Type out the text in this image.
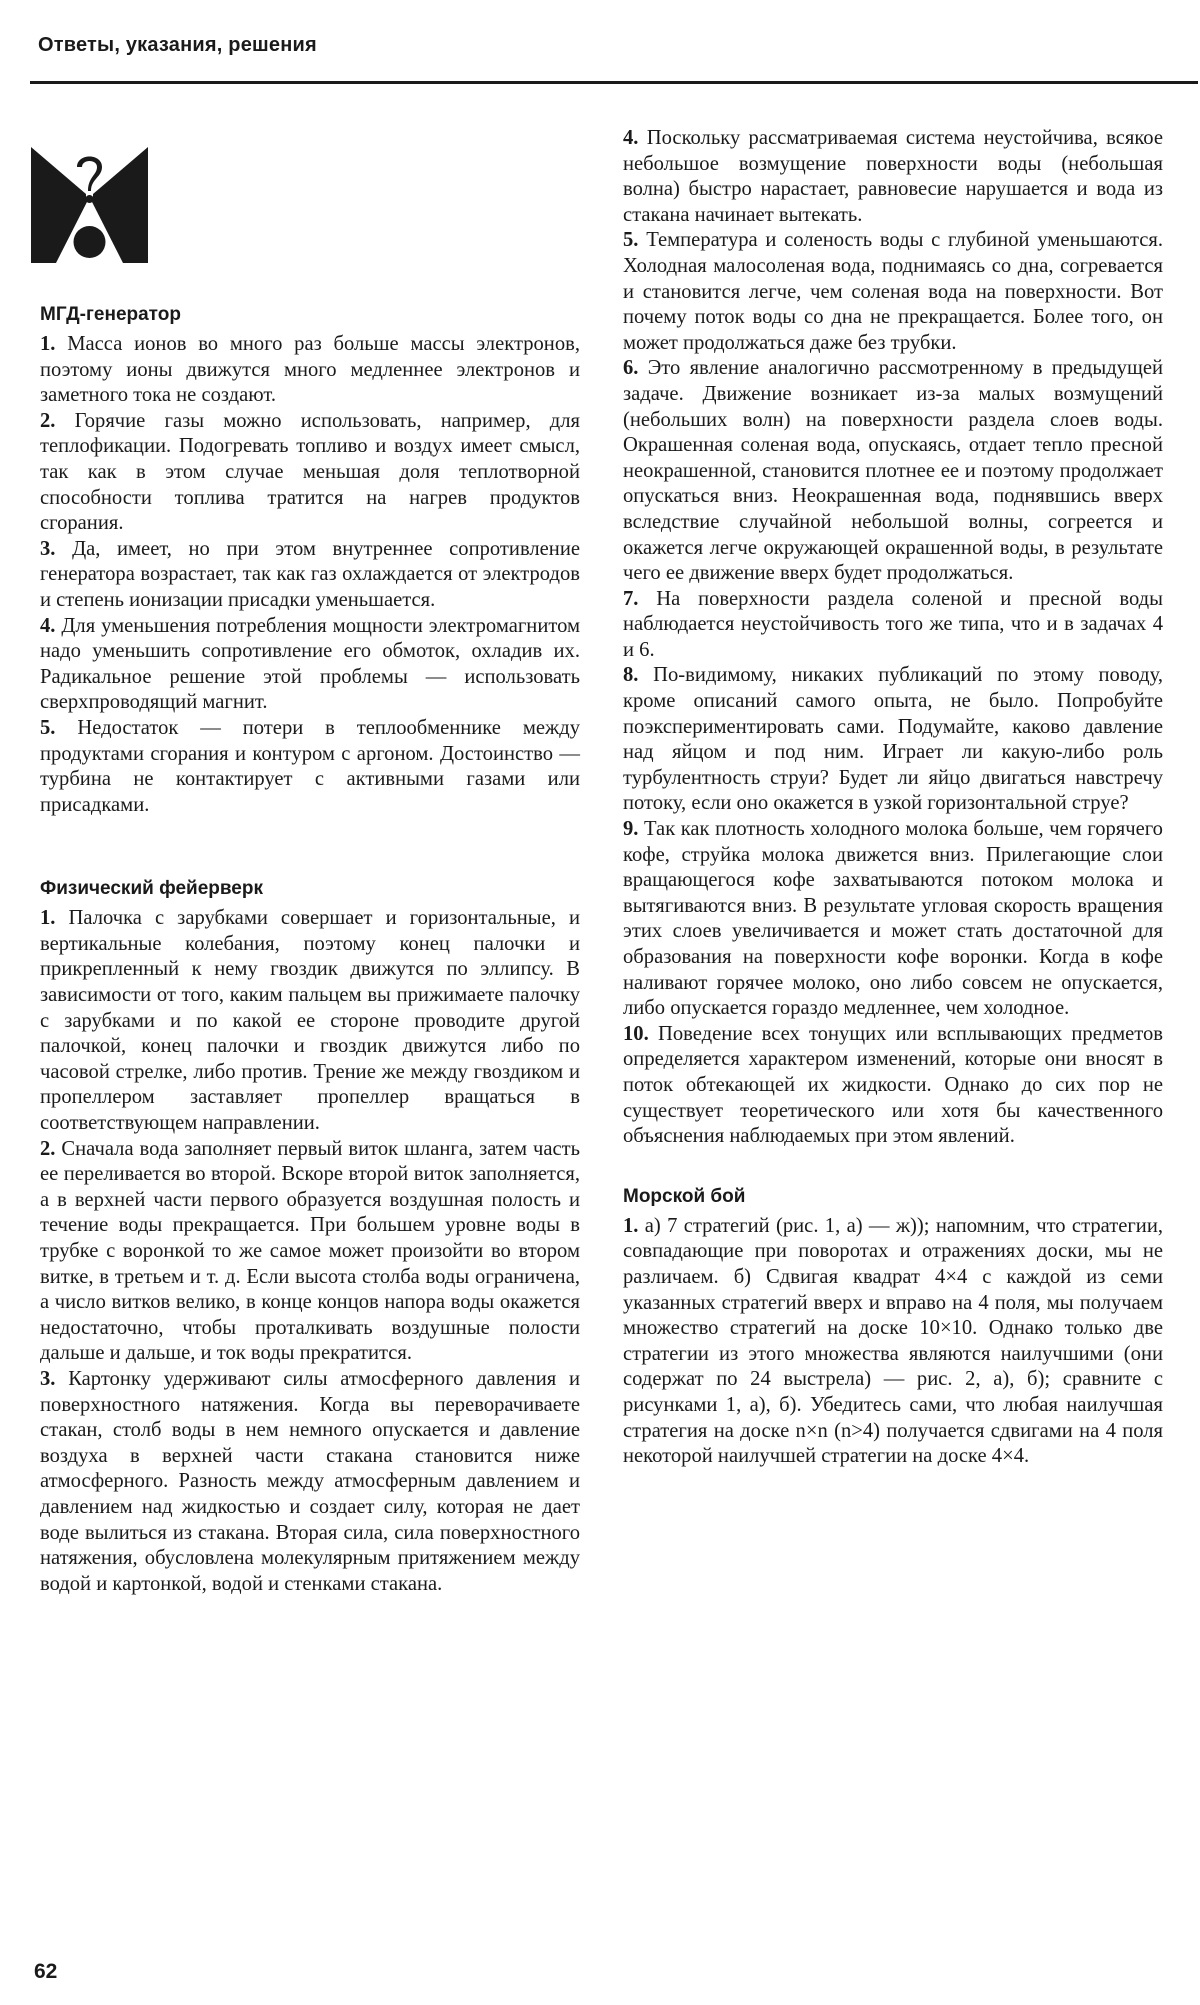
Ответы, указания, решения
МГД-генератор

1. Масса ионов во много раз больше массы электронов, поэтому ионы движутся много медленнее электронов и заметного тока не создают.

2. Горячие газы можно использовать, например, для теплофикации. Подогревать топливо и воздух имеет смысл, так как в этом случае меньшая доля теплотворной способности топлива тратится на нагрев продуктов сгорания.

3. Да, имеет, но при этом внутреннее сопротивление генератора возрастает, так как газ охлаждается от электродов и степень ионизации присадки уменьшается.

4. Для уменьшения потребления мощности электромагнитом надо уменьшить сопротивление его обмоток, охладив их. Радикальное решение этой проблемы — использовать сверхпроводящий магнит.

5. Недостаток — потери в теплообменнике между продуктами сгорания и контуром с аргоном. Достоинство — турбина не контактирует с активными газами или присадками.

Физический фейерверк

1. Палочка с зарубками совершает и горизонтальные, и вертикальные колебания, поэтому конец палочки и прикрепленный к нему гвоздик движутся по эллипсу. В зависимости от того, каким пальцем вы прижимаете палочку с зарубками и по какой ее стороне проводите другой палочкой, конец палочки и гвоздик движутся либо по часовой стрелке, либо против. Трение же между гвоздиком и пропеллером заставляет пропеллер вращаться в соответствующем направлении.

2. Сначала вода заполняет первый виток шланга, затем часть ее переливается во второй. Вскоре второй виток заполняется, а в верхней части первого образуется воздушная полость и течение воды прекращается. При большем уровне воды в трубке с воронкой то же самое может произойти во втором витке, в третьем и т. д. Если высота столба воды ограничена, а число витков велико, в конце концов напора воды окажется недостаточно, чтобы проталкивать воздушные полости дальше и дальше, и ток воды прекратится.

3. Картонку удерживают силы атмосферного давления и поверхностного натяжения. Когда вы переворачиваете стакан, столб воды в нем немного опускается и давление воздуха в верхней части стакана становится ниже атмосферного. Разность между атмосферным давлением и давлением над жидкостью и создает силу, которая не дает воде вылиться из стакана. Вторая сила, сила поверхностного натяжения, обусловлена молекулярным притяжением между водой и картонкой, водой и стенками стакана.

4. Поскольку рассматриваемая система неустойчива, всякое небольшое возмущение поверхности воды (небольшая волна) быстро нарастает, равновесие нарушается и вода из стакана начинает вытекать.

5. Температура и соленость воды с глубиной уменьшаются. Холодная малосоленая вода, поднимаясь со дна, согревается и становится легче, чем соленая вода на поверхности. Вот почему поток воды со дна не прекращается. Более того, он может продолжаться даже без трубки.

6. Это явление аналогично рассмотренному в предыдущей задаче. Движение возникает из-за малых возмущений (небольших волн) на поверхности раздела слоев воды. Окрашенная соленая вода, опускаясь, отдает тепло пресной неокрашенной, становится плотнее ее и поэтому продолжает опускаться вниз. Неокрашенная вода, поднявшись вверх вследствие случайной небольшой волны, согреется и окажется легче окружающей окрашенной воды, в результате чего ее движение вверх будет продолжаться.

7. На поверхности раздела соленой и пресной воды наблюдается неустойчивость того же типа, что и в задачах 4 и 6.

8. По-видимому, никаких публикаций по этому поводу, кроме описаний самого опыта, не было. Попробуйте поэкспериментировать сами. Подумайте, каково давление над яйцом и под ним. Играет ли какую-либо роль турбулентность струи? Будет ли яйцо двигаться навстречу потоку, если оно окажется в узкой горизонтальной струе?

9. Так как плотность холодного молока больше, чем горячего кофе, струйка молока движется вниз. Прилегающие слои вращающегося кофе захватываются потоком молока и вытягиваются вниз. В результате угловая скорость вращения этих слоев увеличивается и может стать достаточной для образования на поверхности кофе воронки. Когда в кофе наливают горячее молоко, оно либо совсем не опускается, либо опускается гораздо медленнее, чем холодное.

10. Поведение всех тонущих или всплывающих предметов определяется характером изменений, которые они вносят в поток обтекающей их жидкости. Однако до сих пор не существует теоретического или хотя бы качественного объяснения наблюдаемых при этом явлений.

Морской бой

1. а) 7 стратегий (рис. 1, а) — ж)); напомним, что стратегии, совпадающие при поворотах и отражениях доски, мы не различаем. б) Сдвигая квадрат 4×4 с каждой из семи указанных стратегий вверх и вправо на 4 поля, мы получаем множество стратегий на доске 10×10. Однако только две стратегии из этого множества являются наилучшими (они содержат по 24 выстрела) — рис. 2, а), б); сравните с рисунками 1, а), б). Убедитесь сами, что любая наилучшая стратегия на доске n×n (n>4) получается сдвигами на 4 поля некоторой наилучшей стратегии на доске 4×4.

62
